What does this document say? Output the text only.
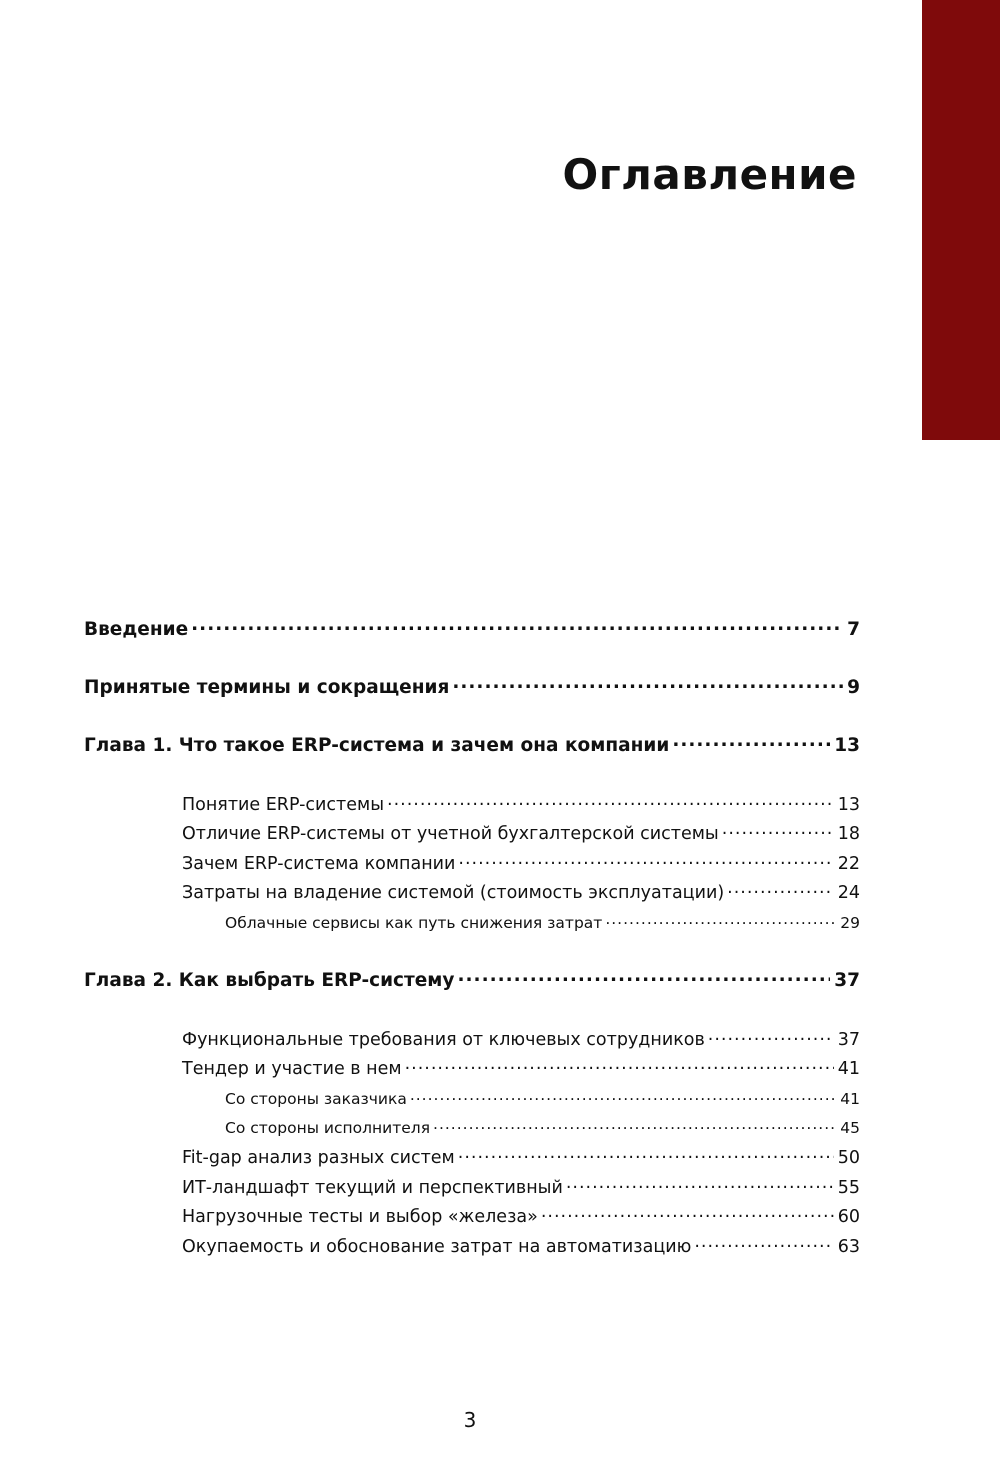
Оглавление
Введение .....	7
Принятые термины и сокращения .....	9
Глава 1. Что такое ERP-система и зачем она компании .....	13
Понятие ERP-системы .....	13
Отличие ERP-системы от учетной бухгалтерской системы .....	18
Зачем ERP-система компании .....	22
Затраты на владение системой (стоимость эксплуатации) .....	24
Облачные сервисы как путь снижения затрат .....	29
Глава 2. Как выбрать ERP-систему .....	37
Функциональные требования от ключевых сотрудников .....	37
Тендер и участие в нем .....	41
Со стороны заказчика .....	41
Со стороны исполнителя .....	45
Fit-gap анализ разных систем .....	50
ИТ-ландшафт текущий и перспективный .....	55
Нагрузочные тесты и выбор «железа» .....	60
Окупаемость и обоснование затрат на автоматизацию .....	63
3
